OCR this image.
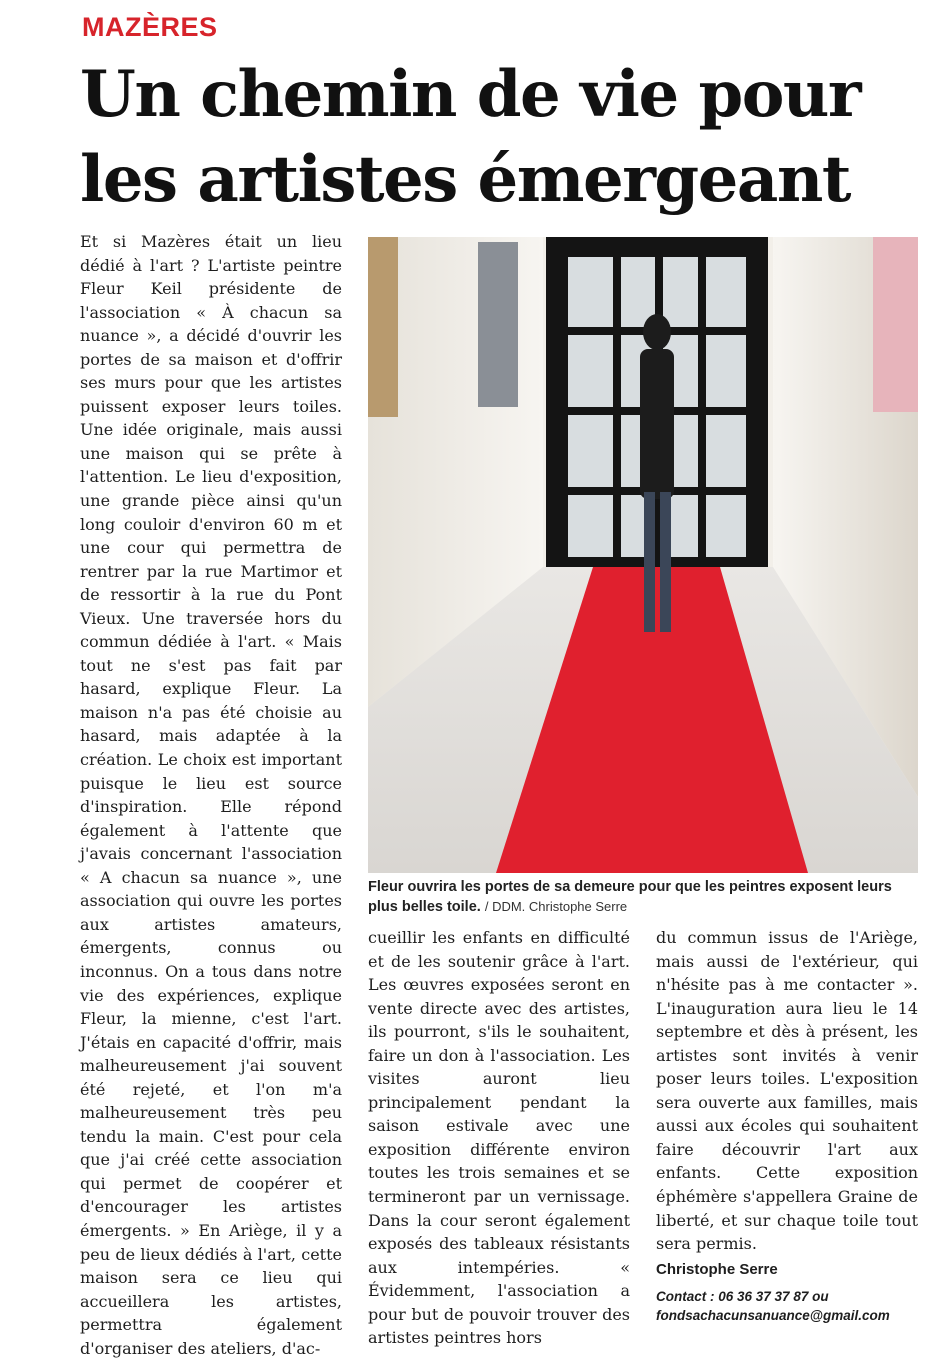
MAZÈRES
Un chemin de vie pour les artistes émergeant

Et si Mazères était un lieu dédié à l'art ? L'artiste peintre Fleur Keil présidente de l'association « À chacun sa nuance », a décidé d'ouvrir les portes de sa maison et d'offrir ses murs pour que les artistes puissent exposer leurs toiles. Une idée originale, mais aussi une maison qui se prête à l'attention. Le lieu d'exposition, une grande pièce ainsi qu'un long couloir d'environ 60 m et une cour qui permettra de rentrer par la rue Martimor et de ressortir à la rue du Pont Vieux. Une traversée hors du commun dédiée à l'art. « Mais tout ne s'est pas fait par hasard, explique Fleur. La maison n'a pas été choisie au hasard, mais adaptée à la création. Le choix est important puisque le lieu est source d'inspiration. Elle répond également à l'attente que j'avais concernant l'association « A chacun sa nuance », une association qui ouvre les portes aux artistes amateurs, émergents, connus ou inconnus. On a tous dans notre vie des expériences, explique Fleur, la mienne, c'est l'art. J'étais en capacité d'offrir, mais malheureusement j'ai souvent été rejeté, et l'on m'a malheureusement très peu tendu la main. C'est pour cela que j'ai créé cette association qui permet de coopérer et d'encourager les artistes émergents. » En Ariège, il y a peu de lieux dédiés à l'art, cette maison sera ce lieu qui accueillera les artistes, permettra également d'organiser des ateliers, d'ac-

Fleur ouvrira les portes de sa demeure pour que les peintres exposent leurs plus belles toile. / DDM. Christophe Serre

cueillir les enfants en difficulté et de les soutenir grâce à l'art. Les œuvres exposées seront en vente directe avec des artistes, ils pourront, s'ils le souhaitent, faire un don à l'association. Les visites auront lieu principalement pendant la saison estivale avec une exposition différente environ toutes les trois semaines et se termineront par un vernissage. Dans la cour seront également exposés des tableaux résistants aux intempéries. « Évidemment, l'association a pour but de pouvoir trouver des artistes peintres hors

du commun issus de l'Ariège, mais aussi de l'extérieur, qui n'hésite pas à me contacter ». L'inauguration aura lieu le 14 septembre et dès à présent, les artistes sont invités à venir poser leurs toiles. L'exposition sera ouverte aux familles, mais aussi aux écoles qui souhaitent faire découvrir l'art aux enfants. Cette exposition éphémère s'appellera Graine de liberté, et sur chaque toile tout sera permis.
Christophe Serre
Contact : 06 36 37 37 87 ou fondsachacunsanuance@gmail.com
